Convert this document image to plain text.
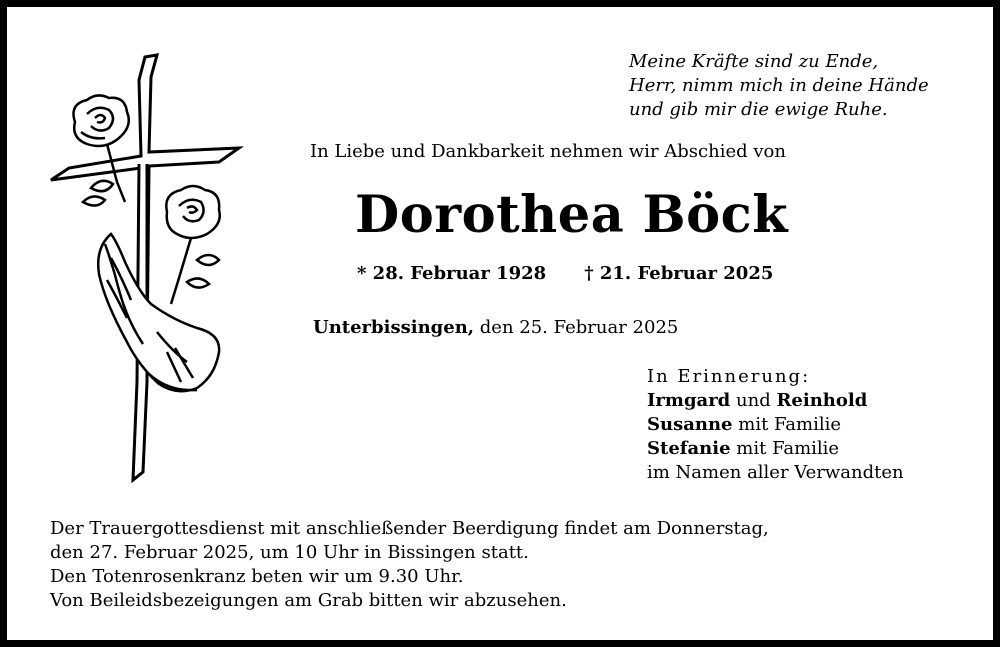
Meine Kräfte sind zu Ende,
Herr, nimm mich in deine Hände
und gib mir die ewige Ruhe.
In Liebe und Dankbarkeit nehmen wir Abschied von
Dorothea Böck
* 28. Februar 1928 † 21. Februar 2025
Unterbissingen, den 25. Februar 2025
In Erinnerung:
Irmgard und Reinhold
Susanne mit Familie
Stefanie mit Familie
im Namen aller Verwandten
Der Trauergottesdienst mit anschließender Beerdigung findet am Donnerstag,
den 27. Februar 2025, um 10 Uhr in Bissingen statt.
Den Totenrosenkranz beten wir um 9.30 Uhr.
Von Beileidsbezeigungen am Grab bitten wir abzusehen.
